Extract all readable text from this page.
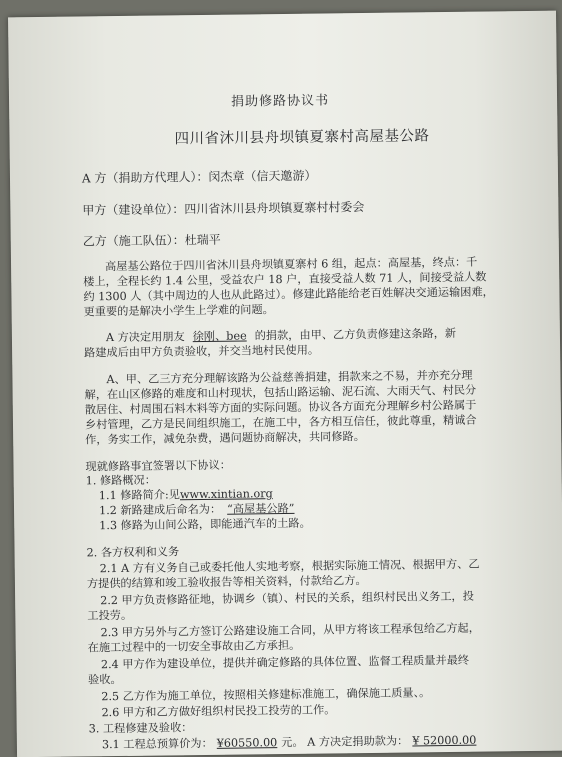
捐助修路协议书
四川省沐川县舟坝镇夏寨村高屋基公路
A 方（捐助方代理人）：闵杰章（信天邀游）
甲方（建设单位）：四川省沐川县舟坝镇夏寨村村委会
乙方（施工队伍）：杜瑞平
高屋基公路位于四川省沐川县舟坝镇夏寨村 6 组，起点：高屋基，终点：千
楼上，全程长约 1.4 公里，受益农户 18 户，直接受益人数 71 人，间接受益人数
约 1300 人（其中周边的人也从此路过）。修建此路能给老百姓解决交通运输困难，
更重要的是解决小学生上学难的问题。
A 方决定用朋友 徐刚、bee 的捐款，由甲、乙方负责修建这条路，新
路建成后由甲方负责验收，并交当地村民使用。
A、甲、乙三方充分理解该路为公益慈善捐建，捐款来之不易，并亦充分理
解，在山区修路的难度和山村现状，包括山路运输、泥石流、大雨天气、村民分
散居住、村周围石料木料等方面的实际问题。协议各方面充分理解乡村公路属于
乡村管理，乙方是民间组织施工，在施工中，各方相互信任，彼此尊重，精诚合
作，务实工作，减免杂费，遇问题协商解决，共同修路。
现就修路事宜签署以下协议：
1. 修路概况：
1.1 修路简介:见www.xintian.org
1.2 新路建成后命名为： “高屋基公路”
1.3 修路为山间公路，即能通汽车的土路。
2. 各方权利和义务
2.1 A 方有义务自己或委托他人实地考察，根据实际施工情况、根据甲方、乙
方提供的结算和竣工验收报告等相关资料，付款给乙方。
2.2 甲方负责修路征地，协调乡（镇）、村民的关系，组织村民出义务工，投
工投劳。
2.3 甲方另外与乙方签订公路建设施工合同，从甲方将该工程承包给乙方起，
在施工过程中的一切安全事故由乙方承担。
2.4 甲方作为建设单位，提供并确定修路的具体位置、监督工程质量并最终
验收。
2.5 乙方作为施工单位，按照相关修建标准施工，确保施工质量、。
2.6 甲方和乙方做好组织村民投工投劳的工作。
3. 工程修建及验收：
3.1 工程总预算价为： ¥60550.00 元。 A 方决定捐助款为： ¥ 52000.00
